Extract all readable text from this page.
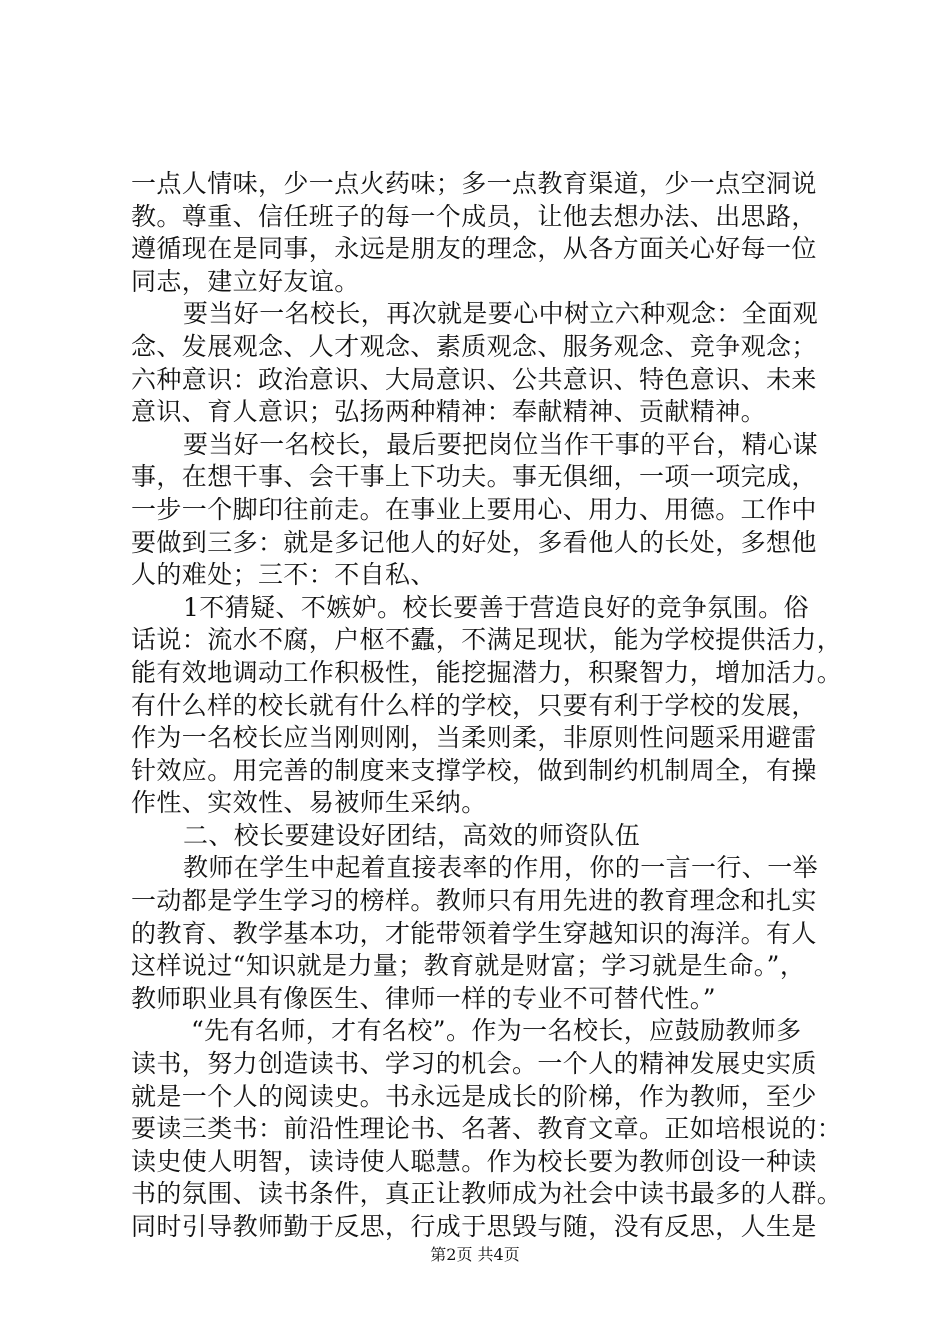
一点人情味，少一点火药味；多一点教育渠道，少一点空洞说
教。尊重、信任班子的每一个成员，让他去想办法、出思路，
遵循现在是同事，永远是朋友的理念，从各方面关心好每一位
同志，建立好友谊。
要当好一名校长，再次就是要心中树立六种观念：全面观
念、发展观念、人才观念、素质观念、服务观念、竞争观念；
六种意识：政治意识、大局意识、公共意识、特色意识、未来
意识、育人意识；弘扬两种精神：奉献精神、贡献精神。
要当好一名校长，最后要把岗位当作干事的平台，精心谋
事，在想干事、会干事上下功夫。事无俱细，一项一项完成，
一步一个脚印往前走。在事业上要用心、用力、用德。工作中
要做到三多：就是多记他人的好处，多看他人的长处，多想他
人的难处；三不：不自私、
1不猜疑、不嫉妒。校长要善于营造良好的竞争氛围。俗
话说：流水不腐，户枢不蠹，不满足现状，能为学校提供活力，
能有效地调动工作积极性，能挖掘潜力，积聚智力，增加活力。
有什么样的校长就有什么样的学校，只要有利于学校的发展，
作为一名校长应当刚则刚，当柔则柔，非原则性问题采用避雷
针效应。用完善的制度来支撑学校，做到制约机制周全，有操
作性、实效性、易被师生采纳。
二、校长要建设好团结，高效的师资队伍
教师在学生中起着直接表率的作用，你的一言一行、一举
一动都是学生学习的榜样。教师只有用先进的教育理念和扎实
的教育、教学基本功，才能带领着学生穿越知识的海洋。有人
这样说过“知识就是力量；教育就是财富；学习就是生命。”，
教师职业具有像医生、律师一样的专业不可替代性。”
“先有名师，才有名校”。作为一名校长，应鼓励教师多
读书，努力创造读书、学习的机会。一个人的精神发展史实质
就是一个人的阅读史。书永远是成长的阶梯，作为教师，至少
要读三类书：前沿性理论书、名著、教育文章。正如培根说的：
读史使人明智，读诗使人聪慧。作为校长要为教师创设一种读
书的氛围、读书条件，真正让教师成为社会中读书最多的人群。
同时引导教师勤于反思，行成于思毁与随，没有反思，人生是
第2页 共4页
